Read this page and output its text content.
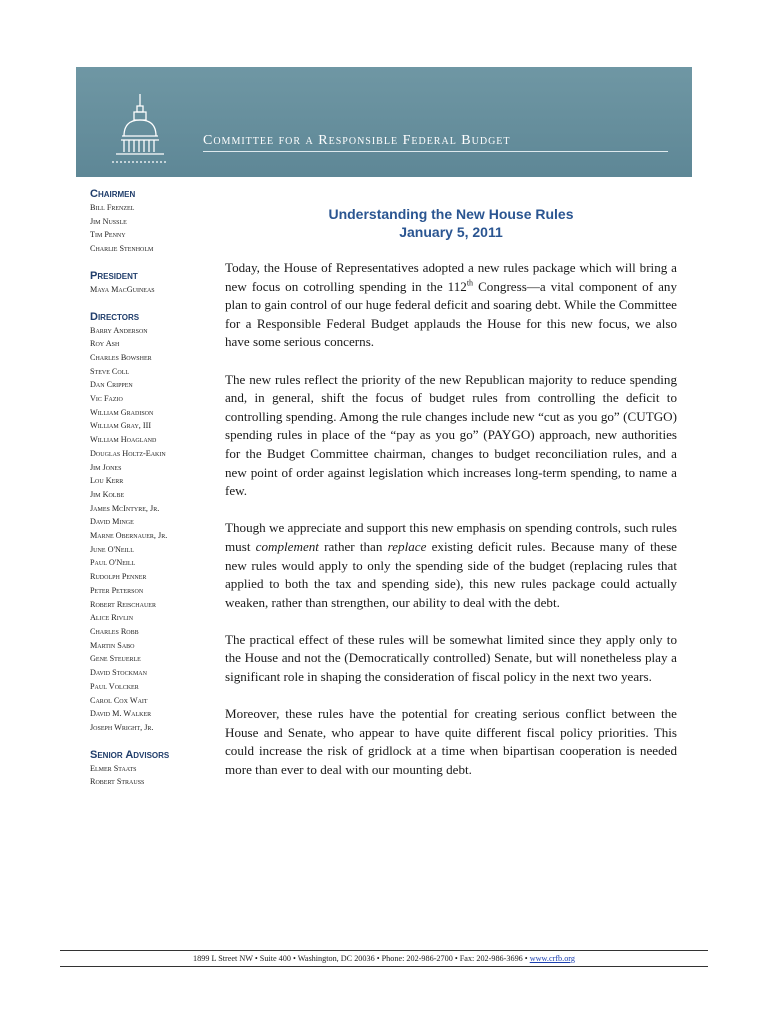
Committee for a Responsible Federal Budget
Chairmen
Bill Frenzel
Jim Nussle
Tim Penny
Charlie Stenholm
President
Maya MacGuineas
Directors
Barry Anderson
Roy Ash
Charles Bowsher
Steve Coll
Dan Crippen
Vic Fazio
William Gradison
William Gray, III
William Hoagland
Douglas Holtz-Eakin
Jim Jones
Lou Kerr
Jim Kolbe
James McIntyre, Jr.
David Minge
Marne Obernauer, Jr.
June O'Neill
Paul O'Neill
Rudolph Penner
Peter Peterson
Robert Reischauer
Alice Rivlin
Charles Robb
Martin Sabo
Gene Steuerle
David Stockman
Paul Volcker
Carol Cox Wait
David M. Walker
Joseph Wright, Jr.
Senior Advisors
Elmer Staats
Robert Strauss
Understanding the New House Rules
January 5, 2011

Today, the House of Representatives adopted a new rules package which will bring a new focus on cotrolling spending in the 112th Congress—a vital component of any plan to gain control of our huge federal deficit and soaring debt. While the Committee for a Responsible Federal Budget applauds the House for this new focus, we also have some serious concerns.

The new rules reflect the priority of the new Republican majority to reduce spending and, in general, shift the focus of budget rules from controlling the deficit to controlling spending. Among the rule changes include new “cut as you go” (CUTGO) spending rules in place of the “pay as you go” (PAYGO) approach, new authorities for the Budget Committee chairman, changes to budget reconciliation rules, and a new point of order against legislation which increases long-term spending, to name a few.

Though we appreciate and support this new emphasis on spending controls, such rules must complement rather than replace existing deficit rules. Because many of these new rules would apply to only the spending side of the budget (replacing rules that applied to both the tax and spending side), this new rules package could actually weaken, rather than strengthen, our ability to deal with the debt.

The practical effect of these rules will be somewhat limited since they apply only to the House and not the (Democratically controlled) Senate, but will nonetheless play a significant role in shaping the consideration of fiscal policy in the next two years.

Moreover, these rules have the potential for creating serious conflict between the House and Senate, who appear to have quite different fiscal policy priorities. This could increase the risk of gridlock at a time when bipartisan cooperation is needed more than ever to deal with our mounting debt.

1899 L Street NW • Suite 400 • Washington, DC 20036 • Phone: 202-986-2700 • Fax: 202-986-3696 • www.crfb.org
